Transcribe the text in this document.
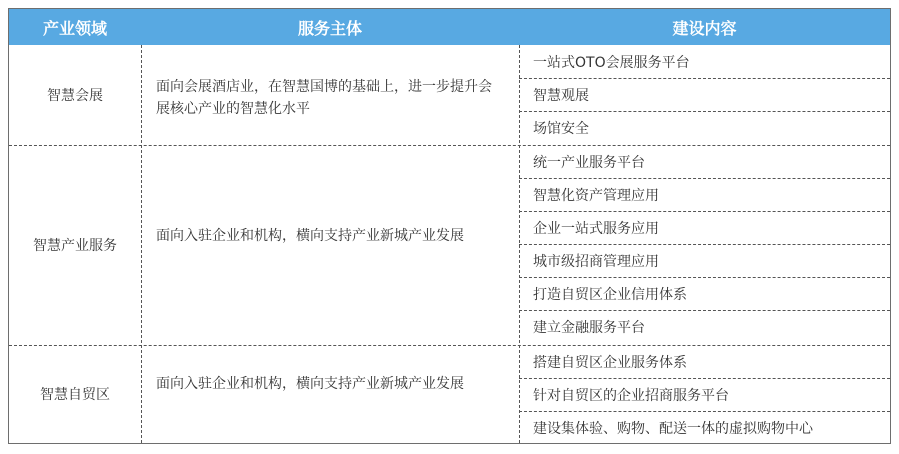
产业领域	服务主体	建设内容
智慧会展
面向会展酒店业，在智慧国博的基础上，进一步提升会展核心产业的智慧化水平
一站式OTO会展服务平台
智慧观展
场馆安全
智慧产业服务
面向入驻企业和机构，横向支持产业新城产业发展
统一产业服务平台
智慧化资产管理应用
企业一站式服务应用
城市级招商管理应用
打造自贸区企业信用体系
建立金融服务平台
智慧自贸区
面向入驻企业和机构，横向支持产业新城产业发展
搭建自贸区企业服务体系
针对自贸区的企业招商服务平台
建设集体验、购物、配送一体的虚拟购物中心
